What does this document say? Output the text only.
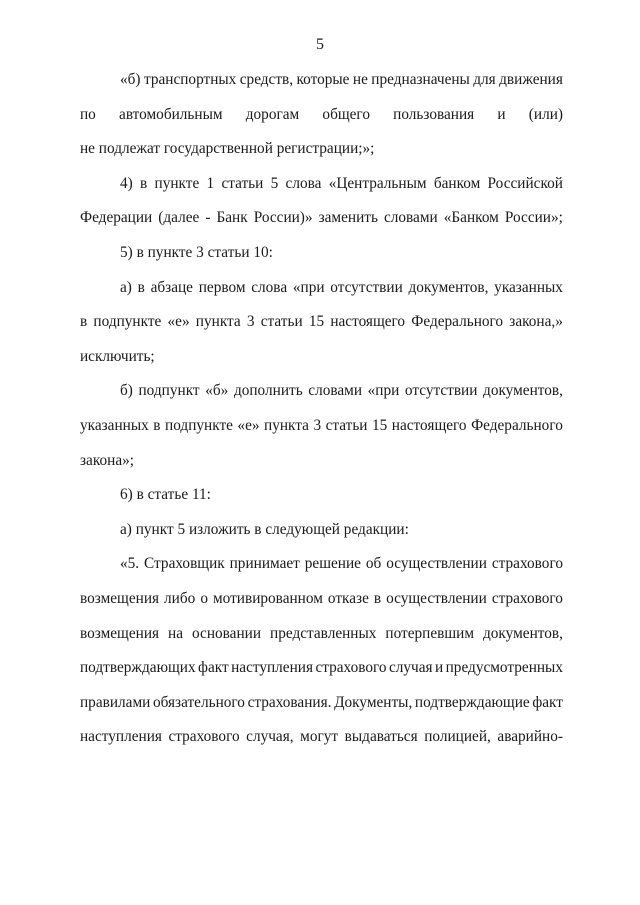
5
«б) транспортных средств, которые не предназначены для движения
по автомобильным дорогам общего пользования и (или)
не подлежат государственной регистрации;»;
4) в пункте 1 статьи 5 слова «Центральным банком Российской
Федерации (далее - Банк России)» заменить словами «Банком России»;
5) в пункте 3 статьи 10:
а) в абзаце первом слова «при отсутствии документов, указанных
в подпункте «е» пункта 3 статьи 15 настоящего Федерального закона,»
исключить;
б) подпункт «б» дополнить словами «при отсутствии документов,
указанных в подпункте «е» пункта 3 статьи 15 настоящего Федерального
закона»;
6) в статье 11:
а) пункт 5 изложить в следующей редакции:
«5. Страховщик принимает решение об осуществлении страхового
возмещения либо о мотивированном отказе в осуществлении страхового
возмещения на основании представленных потерпевшим документов,
подтверждающих факт наступления страхового случая и предусмотренных
правилами обязательного страхования. Документы, подтверждающие факт
наступления страхового случая, могут выдаваться полицией, аварийно-
